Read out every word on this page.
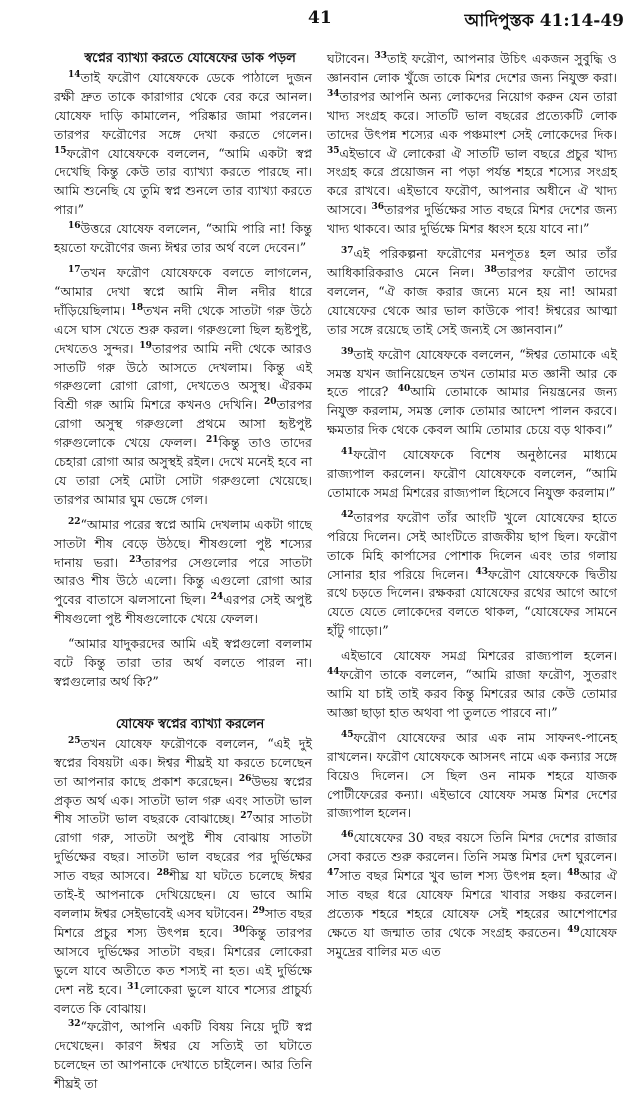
41	আদিপুস্তক 41:14-49

স্বপ্নের ব্যাখ্যা করতে যোষেফের ডাক পড়ল

$^{14}$তাই ফরৌণ যোষেফকে ডেকে পাঠালে দুজন রক্ষী দ্রুত তাকে কারাগার থেকে বের করে আনল। যোষেফ দাড়ি কামালেন, পরিষ্কার জামা পরলেন। তারপর ফরৌণের সঙ্গে দেখা করতে গেলেন। $^{15}$ফরৌণ যোষেফকে বললেন, “আমি একটা স্বপ্ন দেখেছি কিন্তু কেউ তার ব্যাখ্যা করতে পারছে না। আমি শুনেছি যে তুমি স্বপ্ন শুনলে তার ব্যাখ্যা করতে পার।”

$^{16}$উত্তরে যোষেফ বললেন, “আমি পারি না! কিন্তু হয়তো ফরৌণের জন্য ঈশ্বর তার অর্থ বলে দেবেন।”

$^{17}$তখন ফরৌণ যোষেফকে বলতে লাগলেন, “আমার দেখা স্বপ্নে আমি নীল নদীর ধারে দাঁড়িয়েছিলাম। $^{18}$তখন নদী থেকে সাতটা গরু উঠে এসে ঘাস খেতে শুরু করল। গরুগুলো ছিল হৃষ্টপুষ্ট, দেখতেও সুন্দর। $^{19}$তারপর আমি নদী থেকে আরও সাতটি গরু উঠে আসতে দেখলাম। কিন্তু এই গরুগুলো রোগা রোগা, দেখতেও অসুস্থ। ঐরকম বিশ্রী গরু আমি মিশরে কখনও দেখিনি। $^{20}$তারপর রোগা অসুস্থ গরুগুলো প্রথমে আসা হৃষ্টপুষ্ট গরুগুলোকে খেয়ে ফেলল। $^{21}$কিন্তু তাও তাদের চেহারা রোগা আর অসুস্থই রইল। দেখে মনেই হবে না যে তারা সেই মোটা সোটা গরুগুলো খেয়েছে। তারপর আমার ঘুম ভেঙ্গে গেল।

$^{22}$“আমার পরের স্বপ্নে আমি দেখলাম একটা গাছে সাতটা শীষ বেড়ে উঠছে। শীষগুলো পুষ্ট শস্যের দানায় ভরা। $^{23}$তারপর সেগুলোর পরে সাতটা আরও শীষ উঠে এলো। কিন্তু এগুলো রোগা আর পুবের বাতাসে ঝলসানো ছিল। $^{24}$এরপর সেই অপুষ্ট শীষগুলো পুষ্ট শীষগুলোকে খেয়ে ফেলল।

“আমার যাদুকরদের আমি এই স্বপ্নগুলো বললাম বটে কিন্তু তারা তার অর্থ বলতে পারল না। স্বপ্নগুলোর অর্থ কি?”

যোষেফ স্বপ্নের ব্যাখ্যা করলেন

$^{25}$তখন যোষেফ ফরৌণকে বললেন, “এই দুই স্বপ্নের বিষয়টা এক। ঈশ্বর শীঘ্রই যা করতে চলেছেন তা আপনার কাছে প্রকাশ করেছেন। $^{26}$উভয় স্বপ্নের প্রকৃত অর্থ এক। সাতটা ভাল গরু এবং সাতটা ভাল শীষ সাতটা ভাল বছরকে বোঝাচ্ছে। $^{27}$আর সাতটা রোগা গরু, সাতটা অপুষ্ট শীষ বোঝায় সাতটা দুর্ভিক্ষের বছর। সাতটা ভাল বছরের পর দুর্ভিক্ষের সাত বছর আসবে। $^{28}$শীঘ্র যা ঘটতে চলেছে ঈশ্বর তাই-ই আপনাকে দেখিয়েছেন। যে ভাবে আমি বললাম ঈশ্বর সেইভাবেই এসব ঘটাবেন। $^{29}$সাত বছর মিশরে প্রচুর শস্য উৎপন্ন হবে। $^{30}$কিন্তু তারপর আসবে দুর্ভিক্ষের সাতটা বছর। মিশরের লোকেরা ভুলে যাবে অতীতে কত শস্যই না হত। এই দুর্ভিক্ষে দেশ নষ্ট হবে। $^{31}$লোকেরা ভুলে যাবে শস্যের প্রাচুর্য্য বলতে কি বোঝায়।

$^{32}$“ফরৌণ, আপনি একটি বিষয় নিয়ে দুটি স্বপ্ন দেখেছেন। কারণ ঈশ্বর যে সত্যিই তা ঘটাতে চলেছেন তা আপনাকে দেখাতে চাইলেন। আর তিনি শীঘ্রই তা

ঘটাবেন। $^{33}$তাই ফরৌণ, আপনার উচিৎ একজন সুবুদ্ধি ও জ্ঞানবান লোক খুঁজে তাকে মিশর দেশের জন্য নিযুক্ত করা। $^{34}$তারপর আপনি অন্য লোকদের নিয়োগ করুন যেন তারা খাদ্য সংগ্রহ করে। সাতটি ভাল বছরের প্রত্যেকটি লোক তাদের উৎপন্ন শস্যের এক পঞ্চমাংশ সেই লোকেদের দিক। $^{35}$এইভাবে ঐ লোকেরা ঐ সাতটি ভাল বছরে প্রচুর খাদ্য সংগ্রহ করে প্রয়োজন না পড়া পর্যন্ত শহরে শস্যের সংগ্রহ করে রাখবে। এইভাবে ফরৌণ, আপনার অধীনে ঐ খাদ্য আসবে। $^{36}$তারপর দুর্ভিক্ষের সাত বছরে মিশর দেশের জন্য খাদ্য থাকবে। আর দুর্ভিক্ষে মিশর ধ্বংস হয়ে যাবে না।”

$^{37}$এই পরিকল্পনা ফরৌণের মনপূতঃ হল আর তাঁর আধিকারিকরাও মেনে নিল। $^{38}$তারপর ফরৌণ তাদের বললেন, “ঐ কাজ করার জন্যে মনে হয় না! আমরা যোষেফের থেকে আর ভাল কাউকে পাব! ঈশ্বরের আত্মা তার সঙ্গে রয়েছে তাই সেই জন্যই সে জ্ঞানবান।”

$^{39}$তাই ফরৌণ যোষেফকে বললেন, “ঈশ্বর তোমাকে এই সমস্ত যখন জানিয়েছেন তখন তোমার মত জ্ঞানী আর কে হতে পারে? $^{40}$আমি তোমাকে আমার নিয়ন্ত্রনের জন্য নিযুক্ত করলাম, সমস্ত লোক তোমার আদেশ পালন করবে। ক্ষমতার দিক থেকে কেবল আমি তোমার চেয়ে বড় থাকব।”

$^{41}$ফরৌণ যোষেফকে বিশেষ অনুষ্ঠানের মাধ্যমে রাজ্যপাল করলেন। ফরৌণ যোষেফকে বললেন, “আমি তোমাকে সমগ্র মিশরের রাজ্যপাল হিসেবে নিযুক্ত করলাম।”

$^{42}$তারপর ফরৌণ তাঁর আংটি খুলে যোষেফের হাতে পরিয়ে দিলেন। সেই আংটিতে রাজকীয় ছাপ ছিল। ফরৌণ তাকে মিহি কার্পাসের পোশাক দিলেন এবং তার গলায় সোনার হার পরিয়ে দিলেন। $^{43}$ফরৌণ যোষেফকে দ্বিতীয় রথে চড়তে দিলেন। রক্ষকরা যোষেফের রথের আগে আগে যেতে যেতে লোকেদের বলতে থাকল, “যোষেফের সামনে হাঁটু গাড়ো।”

এইভাবে যোষেফ সমগ্র মিশরের রাজ্যপাল হলেন। $^{44}$ফরৌণ তাকে বললেন, “আমি রাজা ফরৌণ, সুতরাং আমি যা চাই তাই করব কিন্তু মিশরের আর কেউ তোমার আজ্ঞা ছাড়া হাত অথবা পা তুলতে পারবে না।”

$^{45}$ফরৌণ যোষেফের আর এক নাম সাফনৎ-পানেহ রাখলেন। ফরৌণ যোষেফকে আসনৎ নামে এক কন্যার সঙ্গে বিয়েও দিলেন। সে ছিল ওন নামক শহরে যাজক পোটীফেরের কন্যা। এইভাবে যোষেফ সমস্ত মিশর দেশের রাজ্যপাল হলেন।

$^{46}$যোষেফের 30 বছর বয়সে তিনি মিশর দেশের রাজার সেবা করতে শুরু করলেন। তিনি সমস্ত মিশর দেশ ঘুরলেন। $^{47}$সাত বছর মিশরে খুব ভাল শস্য উৎপন্ন হল। $^{48}$আর ঐ সাত বছর ধরে যোষেফ মিশরে খাবার সঞ্চয় করলেন। প্রত্যেক শহরে শহরে যোষেফ সেই শহরের আশেপাশের ক্ষেতে যা জন্মাত তার থেকে সংগ্রহ করতেন। $^{49}$যোষেফ সমুদ্রের বালির মত এত
